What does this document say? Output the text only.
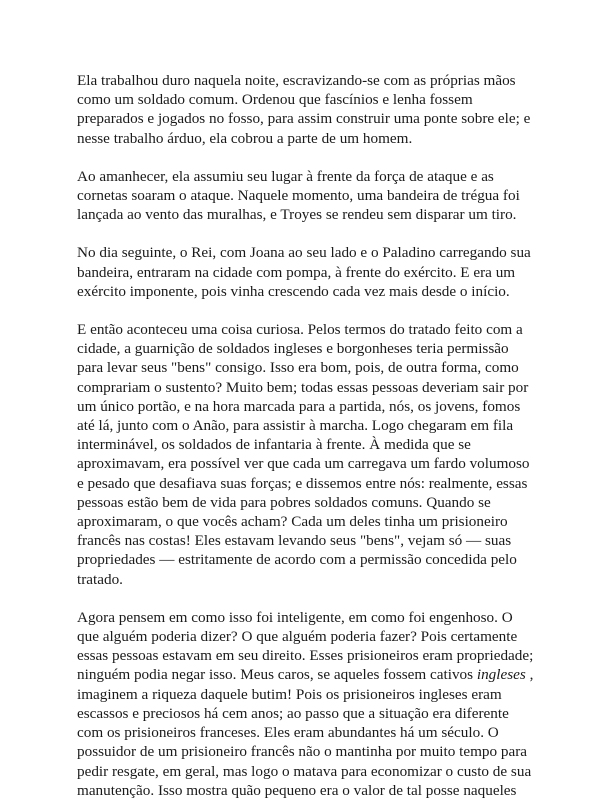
Ela trabalhou duro naquela noite, escravizando-se com as próprias mãos como um soldado comum. Ordenou que fascínios e lenha fossem preparados e jogados no fosso, para assim construir uma ponte sobre ele; e nesse trabalho árduo, ela cobrou a parte de um homem.

Ao amanhecer, ela assumiu seu lugar à frente da força de ataque e as cornetas soaram o ataque. Naquele momento, uma bandeira de trégua foi lançada ao vento das muralhas, e Troyes se rendeu sem disparar um tiro.

No dia seguinte, o Rei, com Joana ao seu lado e o Paladino carregando sua bandeira, entraram na cidade com pompa, à frente do exército. E era um exército imponente, pois vinha crescendo cada vez mais desde o início.

E então aconteceu uma coisa curiosa. Pelos termos do tratado feito com a cidade, a guarnição de soldados ingleses e borgonheses teria permissão para levar seus "bens" consigo. Isso era bom, pois, de outra forma, como comprariam o sustento? Muito bem; todas essas pessoas deveriam sair por um único portão, e na hora marcada para a partida, nós, os jovens, fomos até lá, junto com o Anão, para assistir à marcha. Logo chegaram em fila interminável, os soldados de infantaria à frente. À medida que se aproximavam, era possível ver que cada um carregava um fardo volumoso e pesado que desafiava suas forças; e dissemos entre nós: realmente, essas pessoas estão bem de vida para pobres soldados comuns. Quando se aproximaram, o que vocês acham? Cada um deles tinha um prisioneiro francês nas costas! Eles estavam levando seus "bens", vejam só — suas propriedades — estritamente de acordo com a permissão concedida pelo tratado.

Agora pensem em como isso foi inteligente, em como foi engenhoso. O que alguém poderia dizer? O que alguém poderia fazer? Pois certamente essas pessoas estavam em seu direito. Esses prisioneiros eram propriedade; ninguém podia negar isso. Meus caros, se aqueles fossem cativos ingleses , imaginem a riqueza daquele butim! Pois os prisioneiros ingleses eram escassos e preciosos há cem anos; ao passo que a situação era diferente com os prisioneiros franceses. Eles eram abundantes há um século. O possuidor de um prisioneiro francês não o mantinha por muito tempo para pedir resgate, em geral, mas logo o matava para economizar o custo de sua manutenção. Isso mostra quão pequeno era o valor de tal posse naqueles
